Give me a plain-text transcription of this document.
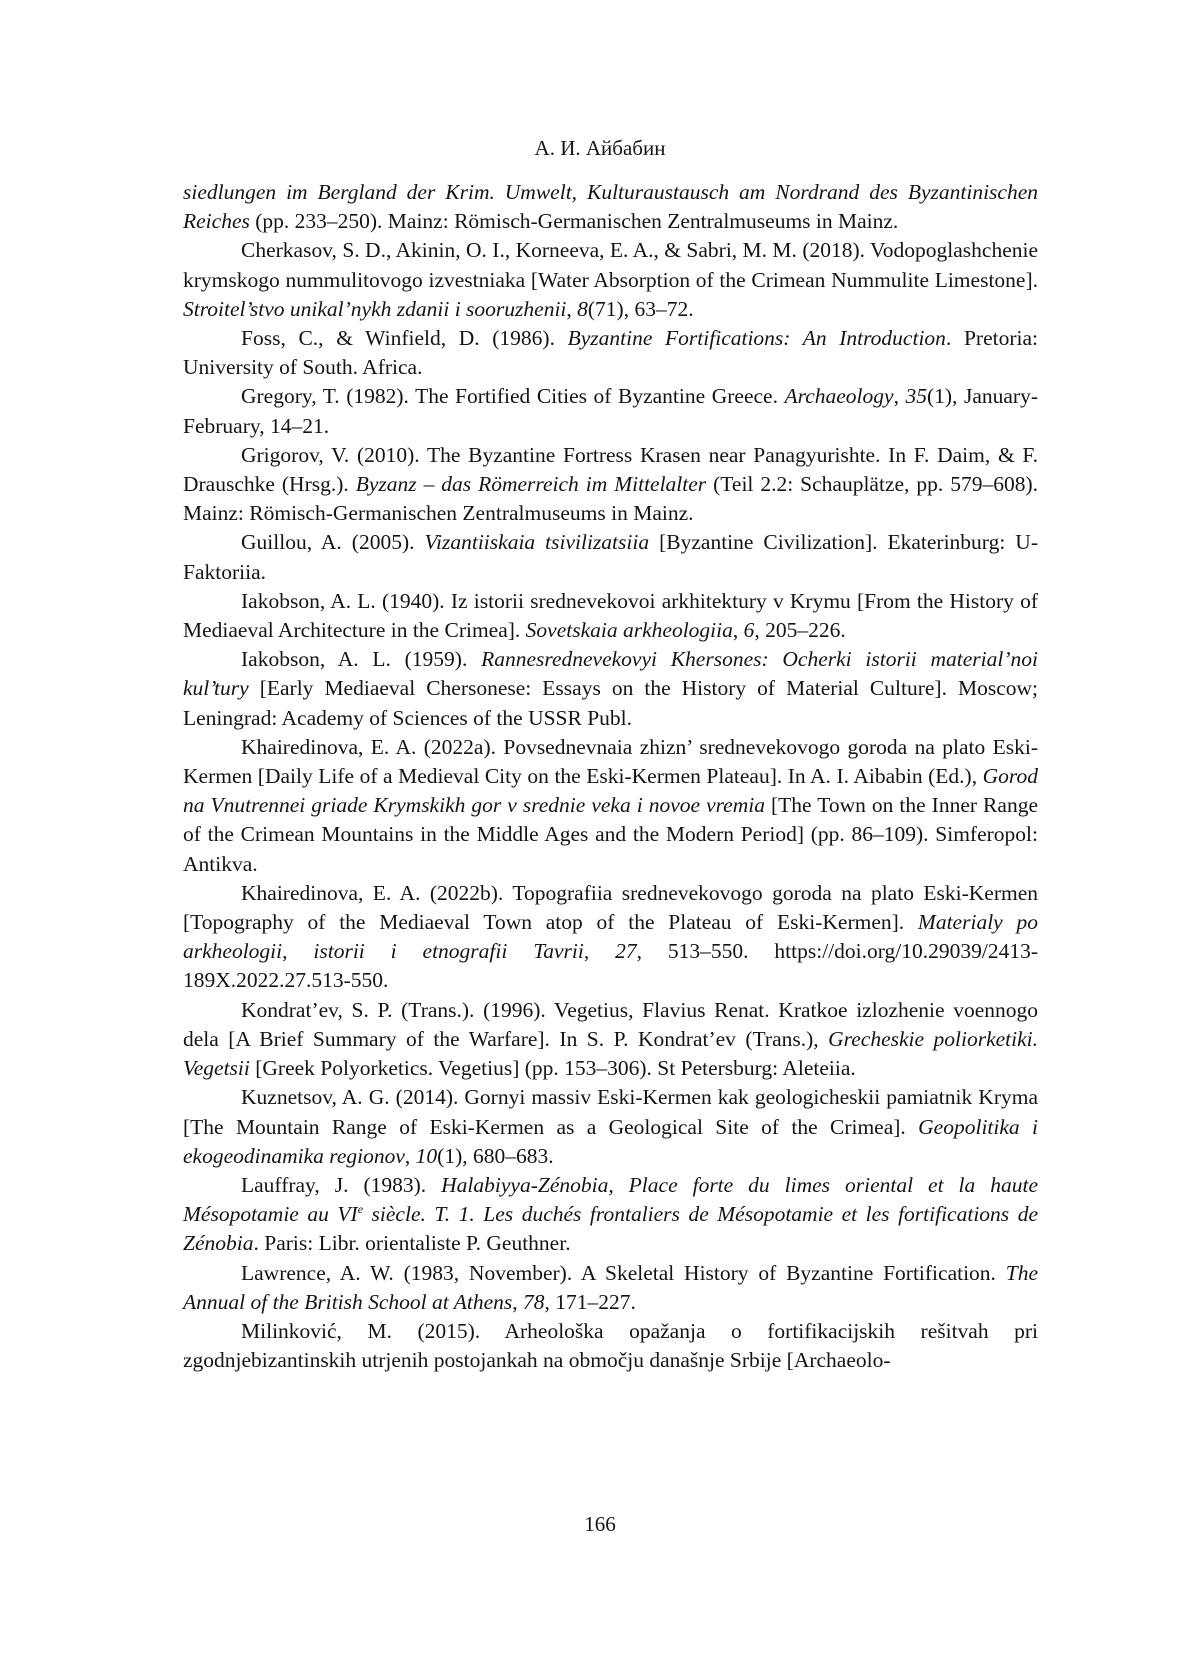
А. И. Айбабин

siedlungen im Bergland der Krim. Umwelt, Kulturaustausch am Nordrand des Byzantinischen Reiches (pp. 233–250). Mainz: Römisch-Germanischen Zentralmuseums in Mainz.

Cherkasov, S. D., Akinin, O. I., Korneeva, E. A., & Sabri, M. M. (2018). Vodopoglashchenie krymskogo nummulitovogo izvestniaka [Water Absorption of the Crimean Nummulite Limestone]. Stroitel’stvo unikal’nykh zdanii i sooruzhenii, 8(71), 63–72.

Foss, C., & Winfield, D. (1986). Byzantine Fortifications: An Introduction. Pretoria: University of South. Africa.

Gregory, T. (1982). The Fortified Cities of Byzantine Greece. Archaeology, 35(1), January-February, 14–21.

Grigorov, V. (2010). The Byzantine Fortress Krasen near Panagyurishte. In F. Daim, & F. Drauschke (Hrsg.). Byzanz – das Römerreich im Mittelalter (Teil 2.2: Schauplätze, pp. 579–608). Mainz: Römisch-Germanischen Zentralmuseums in Mainz.

Guillou, A. (2005). Vizantiiskaia tsivilizatsiia [Byzantine Civilization]. Ekaterinburg: U-Faktoriia.

Iakobson, A. L. (1940). Iz istorii srednevekovoi arkhitektury v Krymu [From the History of Mediaeval Architecture in the Crimea]. Sovetskaia arkheologiia, 6, 205–226.

Iakobson, A. L. (1959). Rannesrednevekovyi Khersones: Ocherki istorii material’noi kul’tury [Early Mediaeval Chersonese: Essays on the History of Material Culture]. Moscow; Leningrad: Academy of Sciences of the USSR Publ.

Khairedinova, E. A. (2022a). Povsednevnaia zhizn’ srednevekovogo goroda na plato Eski-Kermen [Daily Life of a Medieval City on the Eski-Kermen Plateau]. In A. I. Aibabin (Ed.), Gorod na Vnutrennei griade Krymskikh gor v srednie veka i novoe vremia [The Town on the Inner Range of the Crimean Mountains in the Middle Ages and the Modern Period] (pp. 86–109). Simferopol: Antikva.

Khairedinova, E. A. (2022b). Topografiia srednevekovogo goroda na plato Eski-Kermen [Topography of the Mediaeval Town atop of the Plateau of Eski-Kermen]. Materialy po arkheologii, istorii i etnografii Tavrii, 27, 513–550. https://doi.org/10.29039/2413-189X.2022.27.513-550.

Kondrat’ev, S. P. (Trans.). (1996). Vegetius, Flavius Renat. Kratkoe izlozhenie voennogo dela [A Brief Summary of the Warfare]. In S. P. Kondrat’ev (Trans.), Grecheskie poliorketiki. Vegetsii [Greek Polyorketics. Vegetius] (pp. 153–306). St Petersburg: Aleteiia.

Kuznetsov, A. G. (2014). Gornyi massiv Eski-Kermen kak geologicheskii pamiatnik Kryma [The Mountain Range of Eski-Kermen as a Geological Site of the Crimea]. Geopolitika i ekogeodinamika regionov, 10(1), 680–683.

Lauffray, J. (1983). Halabiyya-Zénobia, Place forte du limes oriental et la haute Mésopotamie au VIe siècle. T. 1. Les duchés frontaliers de Mésopotamie et les fortifications de Zénobia. Paris: Libr. orientaliste P. Geuthner.

Lawrence, A. W. (1983, November). A Skeletal History of Byzantine Fortification. The Annual of the British School at Athens, 78, 171–227.

Milinković, M. (2015). Arheološka opažanja o fortifikacijskih rešitvah pri zgodnjebizantinskih utrjenih postojankah na območju današnje Srbije [Archaeolo-

166
